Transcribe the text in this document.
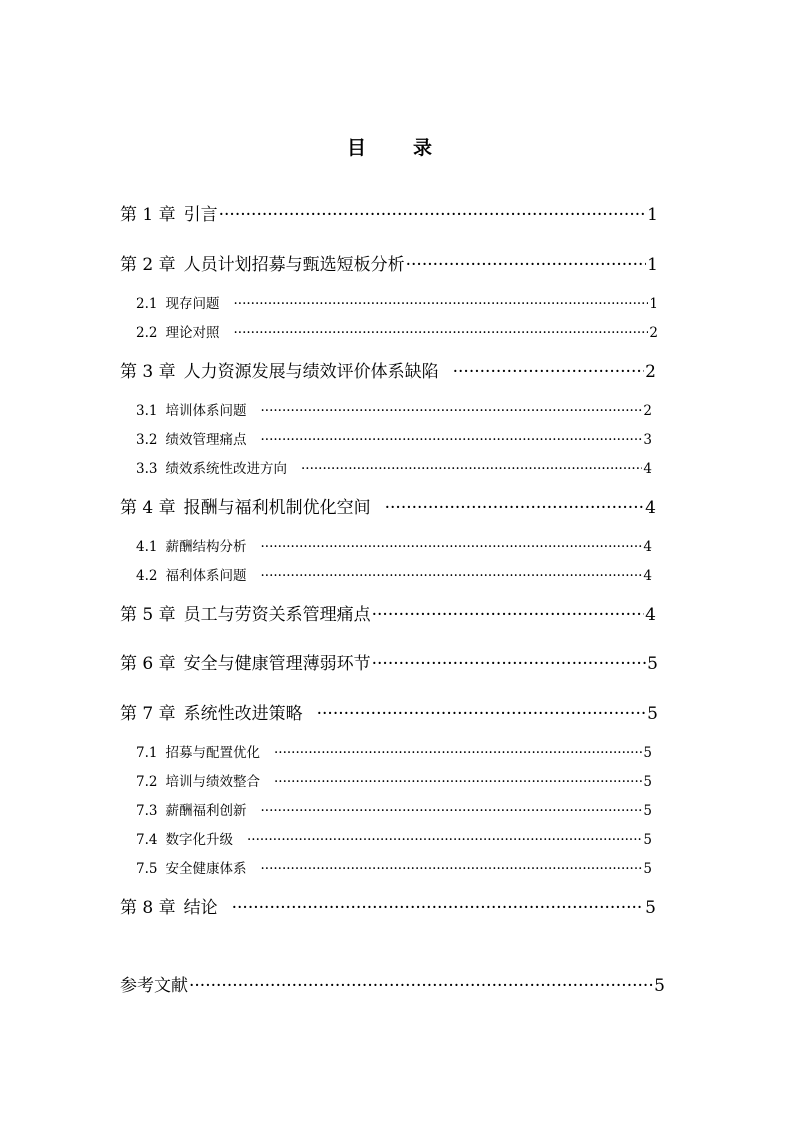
目　录
第 1 章 引言 ·····	1
第 2 章 人员计划招募与甄选短板分析 ·····	1
2.1 现存问题 ·····	1
2.2 理论对照 ·····	2
第 3 章 人力资源发展与绩效评价体系缺陷 ·····	2
3.1 培训体系问题 ·····	2
3.2 绩效管理痛点 ·····	3
3.3 绩效系统性改进方向 ·····	4
第 4 章 报酬与福利机制优化空间 ·····	4
4.1 薪酬结构分析 ·····	4
4.2 福利体系问题 ·····	4
第 5 章 员工与劳资关系管理痛点 ·····	4
第 6 章 安全与健康管理薄弱环节 ·····	5
第 7 章 系统性改进策略 ·····	5
7.1 招募与配置优化 ·····	5
7.2 培训与绩效整合 ·····	5
7.3 薪酬福利创新 ·····	5
7.4 数字化升级 ·····	5
7.5 安全健康体系 ·····	5
第 8 章 结论 ·····	5
参考文献 ·····	5
